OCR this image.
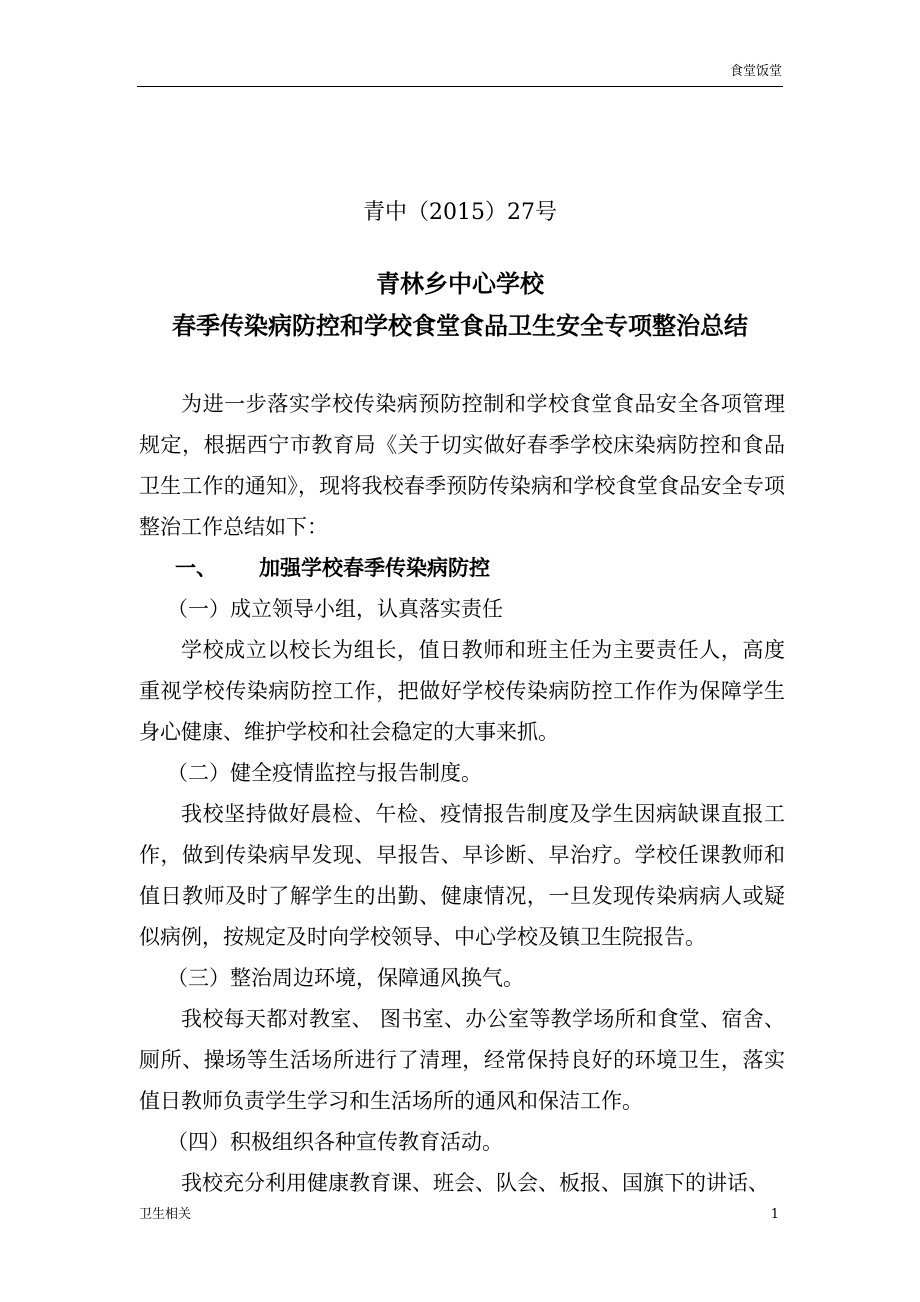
食堂饭堂
青中（2015）27号
青林乡中心学校
春季传染病防控和学校食堂食品卫生安全专项整治总结

为进一步落实学校传染病预防控制和学校食堂食品安全各项管理规定，根据西宁市教育局《关于切实做好春季学校床染病防控和食品卫生工作的通知》，现将我校春季预防传染病和学校食堂食品安全专项整治工作总结如下：

一、 加强学校春季传染病防控

（一）成立领导小组，认真落实责任

学校成立以校长为组长，值日教师和班主任为主要责任人，高度重视学校传染病防控工作，把做好学校传染病防控工作作为保障学生身心健康、维护学校和社会稳定的大事来抓。

（二）健全疫情监控与报告制度。

我校坚持做好晨检、午检、疫情报告制度及学生因病缺课直报工作，做到传染病早发现、早报告、早诊断、早治疗。学校任课教师和值日教师及时了解学生的出勤、健康情况，一旦发现传染病病人或疑似病例，按规定及时向学校领导、中心学校及镇卫生院报告。

（三）整治周边环境，保障通风换气。

我校每天都对教室、 图书室、办公室等教学场所和食堂、宿舍、厕所、操场等生活场所进行了清理，经常保持良好的环境卫生，落实值日教师负责学生学习和生活场所的通风和保洁工作。

（四）积极组织各种宣传教育活动。

我校充分利用健康教育课、班会、队会、板报、国旗下的讲话、

卫生相关	1
